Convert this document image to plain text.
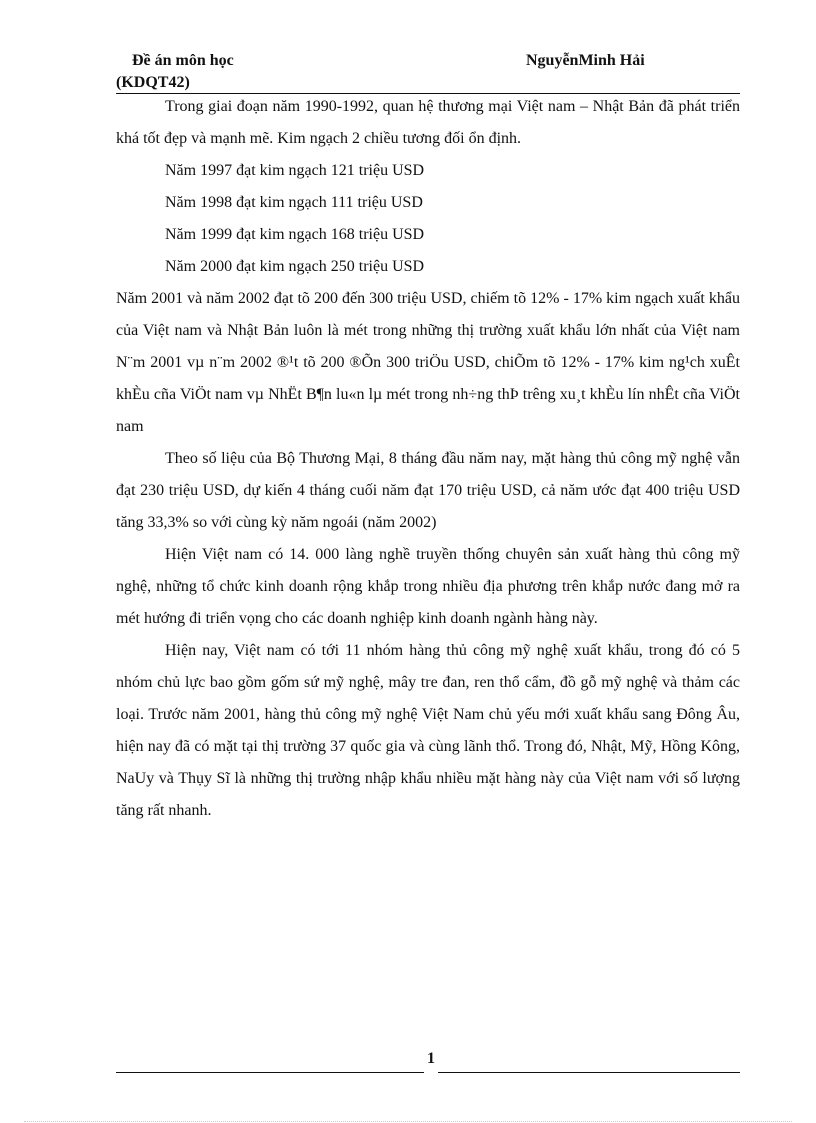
Đề án môn học
(KDQT42)
NguyễnMinh Hải

Trong giai đoạn năm 1990-1992, quan hệ thương mại Việt nam – Nhật Bản đã phát triển khá tốt đẹp và mạnh mẽ. Kim ngạch 2 chiều tương đối ổn định.

Năm 1997 đạt kim ngạch 121 triệu USD

Năm 1998 đạt kim ngạch 111 triệu USD

Năm 1999 đạt kim ngạch 168 triệu USD

Năm 2000 đạt kim ngạch 250 triệu USD

Năm 2001 và năm 2002 đạt tõ 200 đến 300 triệu USD, chiếm tõ 12% - 17% kim ngạch xuất khẩu của Việt nam và Nhật Bản luôn là mét trong những thị trường xuất khẩu lớn nhất của Việt nam N¨m 2001 vµ n¨m 2002 ®¹t tõ 200 ®Õn 300 triÖu USD, chiÕm tõ 12% - 17% kim ng¹ch xuÊt khÈu cña ViÖt nam vµ NhËt B¶n lu«n lµ mét trong nh÷ng thÞ trêng xu¸t khÈu lín nhÊt cña ViÖt nam

Theo số liệu của Bộ Thương Mại, 8 tháng đầu năm nay, mặt hàng thủ công mỹ nghệ vẫn đạt 230 triệu USD, dự kiến 4 tháng cuối năm đạt 170 triệu USD, cả năm ước đạt 400 triệu USD tăng 33,3% so với cùng kỳ năm ngoái (năm 2002)

Hiện Việt nam có 14. 000 làng nghề truyền thống chuyên sản xuất hàng thủ công mỹ nghệ, những tổ chức kinh doanh rộng khắp trong nhiều địa phương trên khắp nước đang mở ra mét hướng đi triển vọng cho các doanh nghiệp kinh doanh ngành hàng này.

Hiện nay, Việt nam có tới 11 nhóm hàng thủ công mỹ nghệ xuất khẩu, trong đó có 5 nhóm chủ lực bao gồm gốm sứ mỹ nghệ, mây tre đan, ren thổ cẩm, đồ gỗ mỹ nghệ và thảm các loại. Trước năm 2001, hàng thủ công mỹ nghệ Việt Nam chủ yếu mới xuất khẩu sang Đông Âu, hiện nay đã có mặt tại thị trường 37 quốc gia và cùng lãnh thổ. Trong đó, Nhật, Mỹ, Hồng Kông, NaUy và Thụy Sĩ là những thị trường nhập khẩu nhiều mặt hàng này của Việt nam với số lượng tăng rất nhanh.

1
